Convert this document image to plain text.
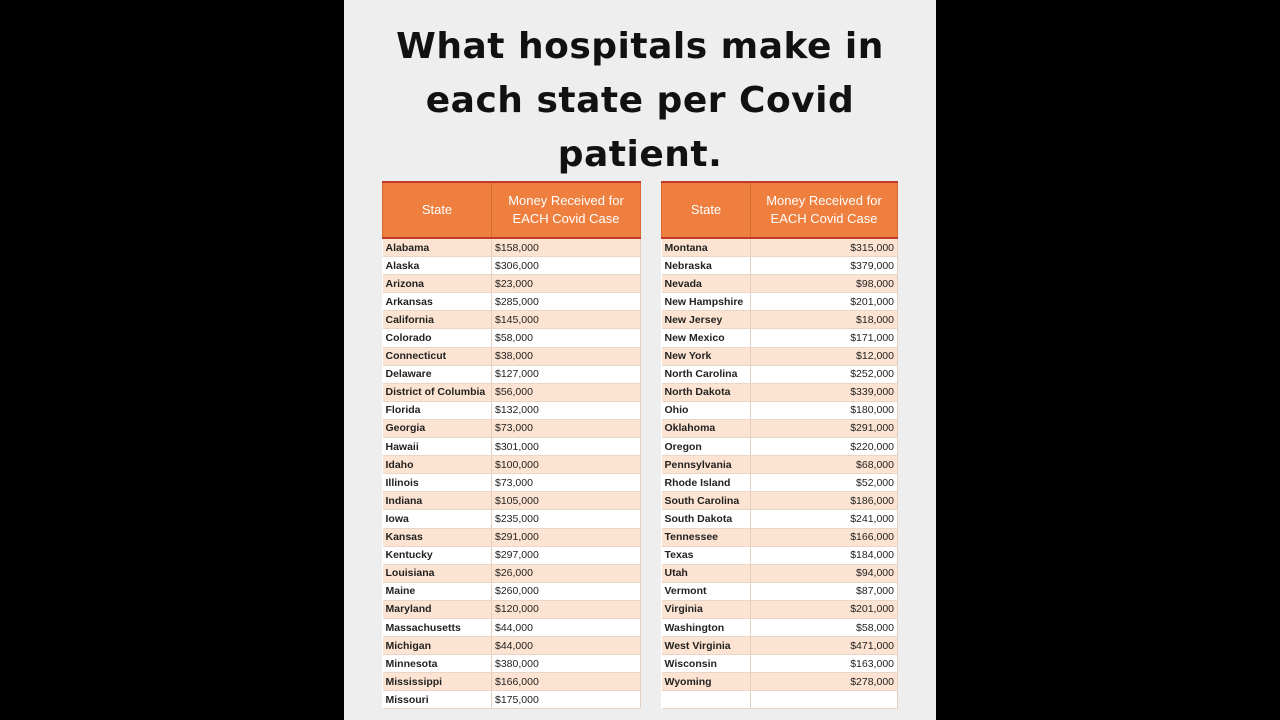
What hospitals make in
each state per Covid
patient.
State	Money Received for EACH Covid Case
Alabama	$158,000
Alaska	$306,000
Arizona	$23,000
Arkansas	$285,000
California	$145,000
Colorado	$58,000
Connecticut	$38,000
Delaware	$127,000
District of Columbia	$56,000
Florida	$132,000
Georgia	$73,000
Hawaii	$301,000
Idaho	$100,000
Illinois	$73,000
Indiana	$105,000
Iowa	$235,000
Kansas	$291,000
Kentucky	$297,000
Louisiana	$26,000
Maine	$260,000
Maryland	$120,000
Massachusetts	$44,000
Michigan	$44,000
Minnesota	$380,000
Mississippi	$166,000
Missouri	$175,000
State	Money Received for EACH Covid Case
Montana	$315,000
Nebraska	$379,000
Nevada	$98,000
New Hampshire	$201,000
New Jersey	$18,000
New Mexico	$171,000
New York	$12,000
North Carolina	$252,000
North Dakota	$339,000
Ohio	$180,000
Oklahoma	$291,000
Oregon	$220,000
Pennsylvania	$68,000
Rhode Island	$52,000
South Carolina	$186,000
South Dakota	$241,000
Tennessee	$166,000
Texas	$184,000
Utah	$94,000
Vermont	$87,000
Virginia	$201,000
Washington	$58,000
West Virginia	$471,000
Wisconsin	$163,000
Wyoming	$278,000
